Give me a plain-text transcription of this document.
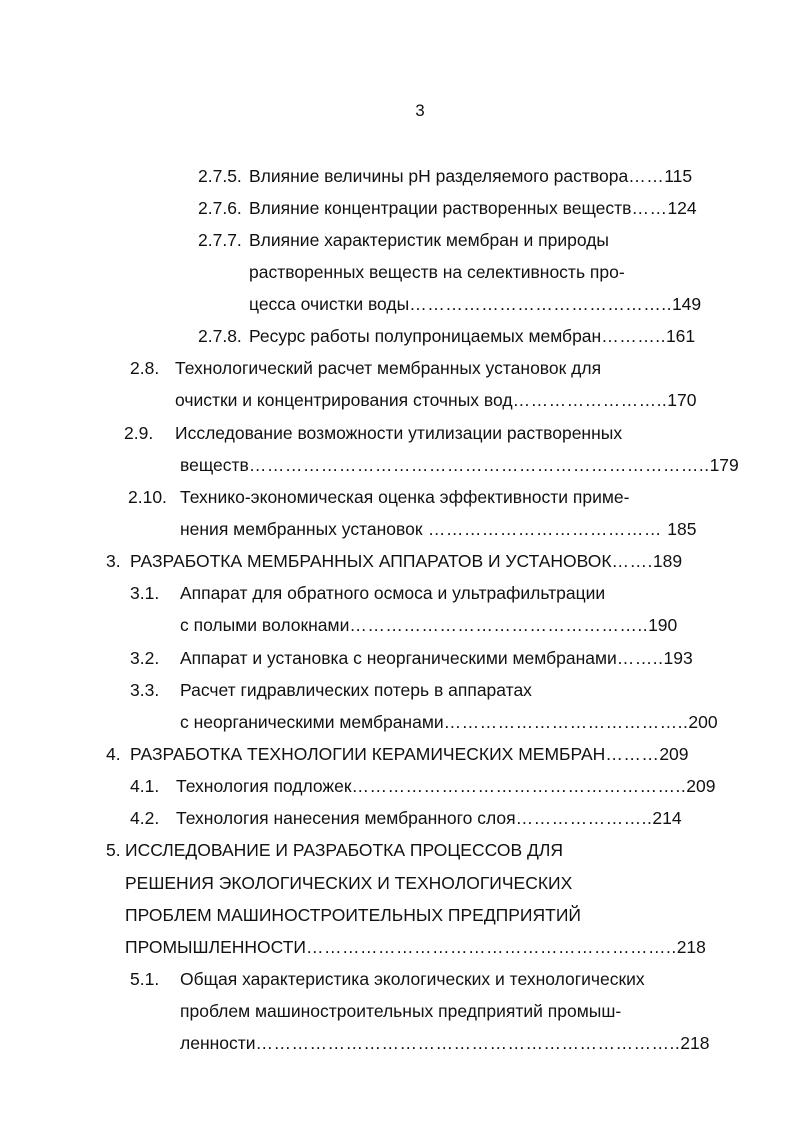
3
2.7.5. Влияние величины pH разделяемого раствора……115
2.7.6. Влияние концентрации растворенных веществ……124
2.7.7. Влияние характеристик мембран и природы
растворенных веществ на селективность про-
цесса очистки воды……………………………………..149
2.7.8. Ресурс работы полупроницаемых мембран………..161
2.8. Технологический расчет мембранных установок для
очистки и концентрирования сточных вод……………………..170
2.9. Исследование возможности утилизации растворенных
веществ…………………………………………………………………..179
2.10. Технико-экономическая оценка эффективности приме-
нения мембранных установок ………………………………… 185
3. РАЗРАБОТКА МЕМБРАННЫХ АППАРАТОВ И УСТАНОВОК…….189
3.1. Аппарат для обратного осмоса и ультрафильтрации
с полыми волокнами…………………………………………..190
3.2. Аппарат и установка с неорганическими мембранами……..193
3.3. Расчет гидравлических потерь в аппаратах
с неорганическими мембранами…………………………………..200
4. РАЗРАБОТКА ТЕХНОЛОГИИ КЕРАМИЧЕСКИХ МЕМБРАН………209
4.1. Технология подложек………………………………………………..209
4.2. Технология нанесения мембранного слоя…………………..214
5. ИССЛЕДОВАНИЕ И РАЗРАБОТКА ПРОЦЕССОВ ДЛЯ
РЕШЕНИЯ ЭКОЛОГИЧЕСКИХ И ТЕХНОЛОГИЧЕСКИХ
ПРОБЛЕМ МАШИНОСТРОИТЕЛЬНЫХ ПРЕДПРИЯТИЙ
ПРОМЫШЛЕННОСТИ……………………………………………………..218
5.1. Общая характеристика экологических и технологических
проблем машиностроительных предприятий промыш-
ленности……………………………………………………………..218
